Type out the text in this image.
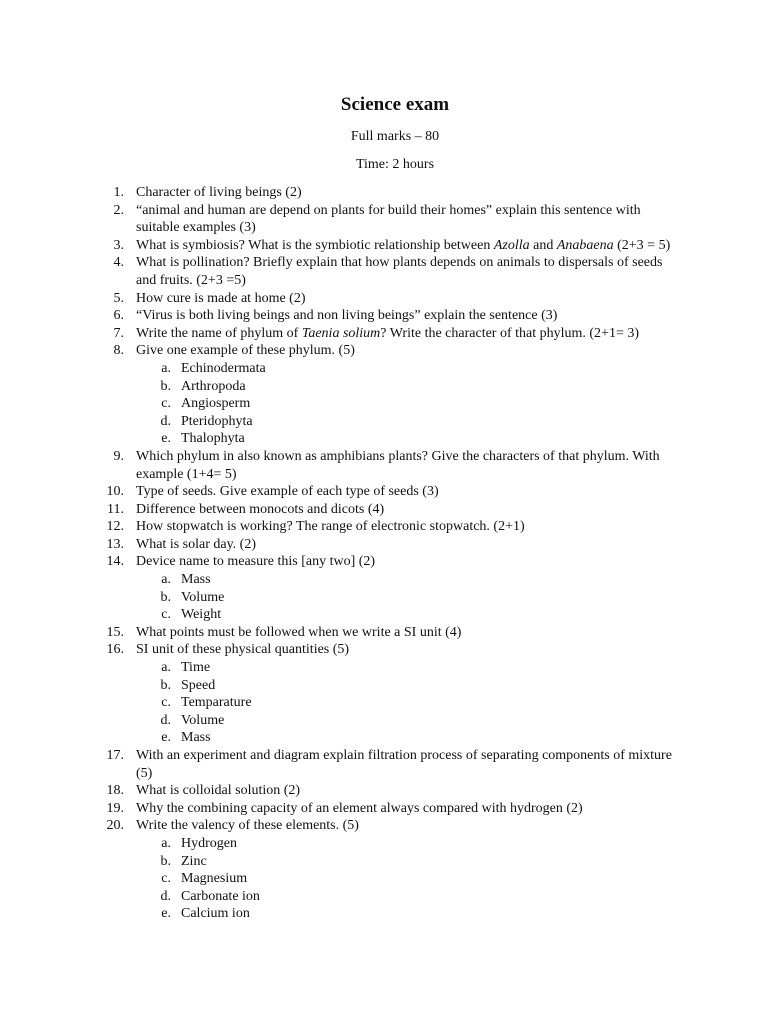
Science exam
Full marks – 80
Time: 2 hours
1. Character of living beings (2)
2. “animal and human are depend on plants for build their homes” explain this sentence with suitable examples (3)
3. What is symbiosis? What is the symbiotic relationship between Azolla and Anabaena (2+3 = 5)
4. What is pollination? Briefly explain that how plants depends on animals to dispersals of seeds and fruits. (2+3 =5)
5. How cure is made at home (2)
6. “Virus is both living beings and non living beings” explain the sentence (3)
7. Write the name of phylum of Taenia solium? Write the character of that phylum. (2+1= 3)
8. Give one example of these phylum. (5)
a. Echinodermata
b. Arthropoda
c. Angiosperm
d. Pteridophyta
e. Thalophyta
9. Which phylum in also known as amphibians plants? Give the characters of that phylum. With example (1+4= 5)
10. Type of seeds. Give example of each type of seeds (3)
11. Difference between monocots and dicots (4)
12. How stopwatch is working? The range of electronic stopwatch. (2+1)
13. What is solar day. (2)
14. Device name to measure this [any two] (2)
a. Mass
b. Volume
c. Weight
15. What points must be followed when we write a SI unit (4)
16. SI unit of these physical quantities (5)
a. Time
b. Speed
c. Temparature
d. Volume
e. Mass
17. With an experiment and diagram explain filtration process of separating components of mixture (5)
18. What is colloidal solution (2)
19. Why the combining capacity of an element always compared with hydrogen (2)
20. Write the valency of these elements. (5)
a. Hydrogen
b. Zinc
c. Magnesium
d. Carbonate ion
e. Calcium ion
